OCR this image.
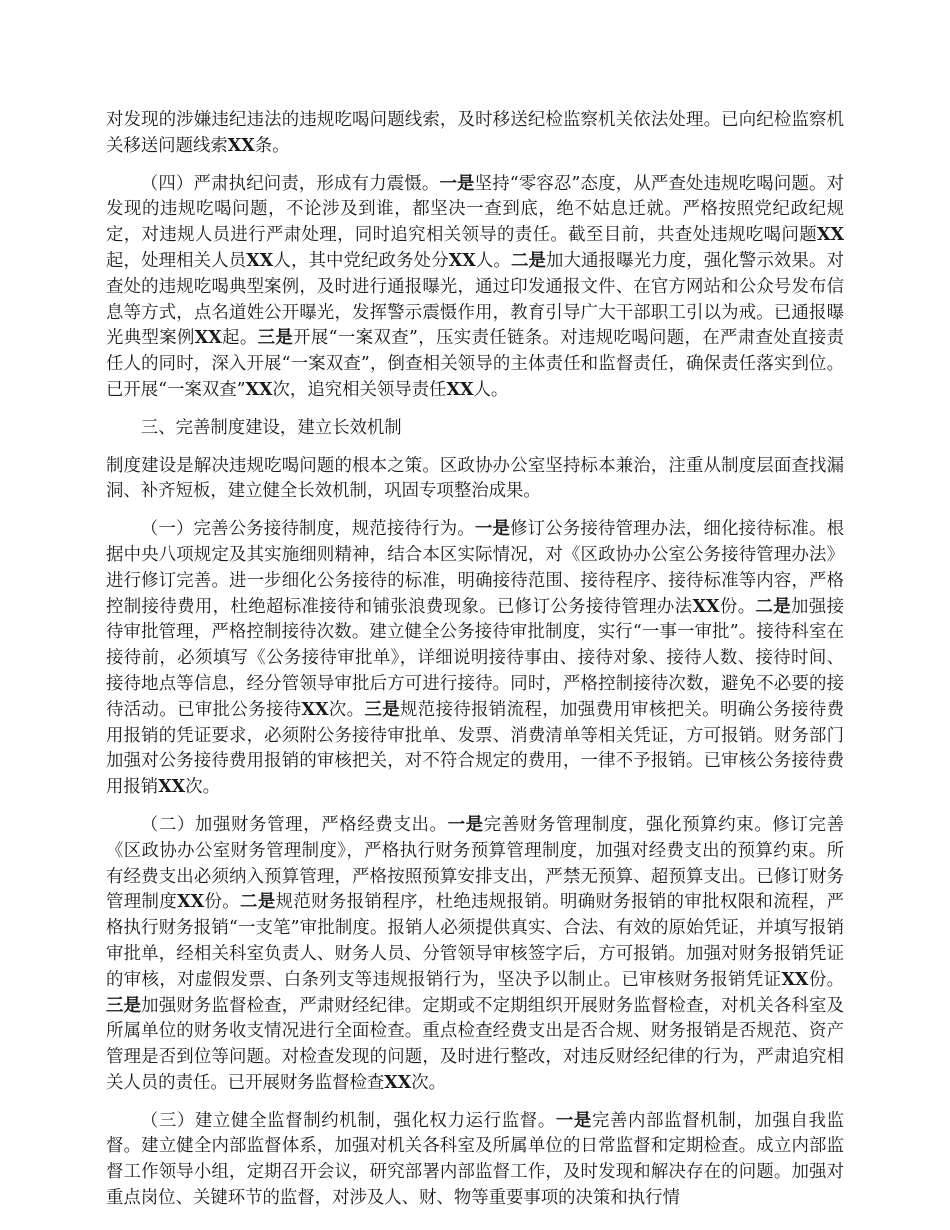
对发现的涉嫌违纪违法的违规吃喝问题线索，及时移送纪检监察机关依法处理。已向纪检监察机关移送问题线索XX条。

（四）严肃执纪问责，形成有力震慑。一是坚持“零容忍”态度，从严查处违规吃喝问题。对发现的违规吃喝问题，不论涉及到谁，都坚决一查到底，绝不姑息迁就。严格按照党纪政纪规定，对违规人员进行严肃处理，同时追究相关领导的责任。截至目前，共查处违规吃喝问题XX起，处理相关人员XX人，其中党纪政务处分XX人。二是加大通报曝光力度，强化警示效果。对查处的违规吃喝典型案例，及时进行通报曝光，通过印发通报文件、在官方网站和公众号发布信息等方式，点名道姓公开曝光，发挥警示震慑作用，教育引导广大干部职工引以为戒。已通报曝光典型案例XX起。三是开展“一案双查”，压实责任链条。对违规吃喝问题，在严肃查处直接责任人的同时，深入开展“一案双查”，倒查相关领导的主体责任和监督责任，确保责任落实到位。已开展“一案双查”XX次，追究相关领导责任XX人。

三、完善制度建设，建立长效机制

制度建设是解决违规吃喝问题的根本之策。区政协办公室坚持标本兼治，注重从制度层面查找漏洞、补齐短板，建立健全长效机制，巩固专项整治成果。

（一）完善公务接待制度，规范接待行为。一是修订公务接待管理办法，细化接待标准。根据中央八项规定及其实施细则精神，结合本区实际情况，对《区政协办公室公务接待管理办法》进行修订完善。进一步细化公务接待的标准，明确接待范围、接待程序、接待标准等内容，严格控制接待费用，杜绝超标准接待和铺张浪费现象。已修订公务接待管理办法XX份。二是加强接待审批管理，严格控制接待次数。建立健全公务接待审批制度，实行“一事一审批”。接待科室在接待前，必须填写《公务接待审批单》，详细说明接待事由、接待对象、接待人数、接待时间、接待地点等信息，经分管领导审批后方可进行接待。同时，严格控制接待次数，避免不必要的接待活动。已审批公务接待XX次。三是规范接待报销流程，加强费用审核把关。明确公务接待费用报销的凭证要求，必须附公务接待审批单、发票、消费清单等相关凭证，方可报销。财务部门加强对公务接待费用报销的审核把关，对不符合规定的费用，一律不予报销。已审核公务接待费用报销XX次。

（二）加强财务管理，严格经费支出。一是完善财务管理制度，强化预算约束。修订完善《区政协办公室财务管理制度》，严格执行财务预算管理制度，加强对经费支出的预算约束。所有经费支出必须纳入预算管理，严格按照预算安排支出，严禁无预算、超预算支出。已修订财务管理制度XX份。二是规范财务报销程序，杜绝违规报销。明确财务报销的审批权限和流程，严格执行财务报销“一支笔”审批制度。报销人必须提供真实、合法、有效的原始凭证，并填写报销审批单，经相关科室负责人、财务人员、分管领导审核签字后，方可报销。加强对财务报销凭证的审核，对虚假发票、白条列支等违规报销行为，坚决予以制止。已审核财务报销凭证XX份。三是加强财务监督检查，严肃财经纪律。定期或不定期组织开展财务监督检查，对机关各科室及所属单位的财务收支情况进行全面检查。重点检查经费支出是否合规、财务报销是否规范、资产管理是否到位等问题。对检查发现的问题，及时进行整改，对违反财经纪律的行为，严肃追究相关人员的责任。已开展财务监督检查XX次。

（三）建立健全监督制约机制，强化权力运行监督。一是完善内部监督机制，加强自我监督。建立健全内部监督体系，加强对机关各科室及所属单位的日常监督和定期检查。成立内部监督工作领导小组，定期召开会议，研究部署内部监督工作，及时发现和解决存在的问题。加强对重点岗位、关键环节的监督，对涉及人、财、物等重要事项的决策和执行情
